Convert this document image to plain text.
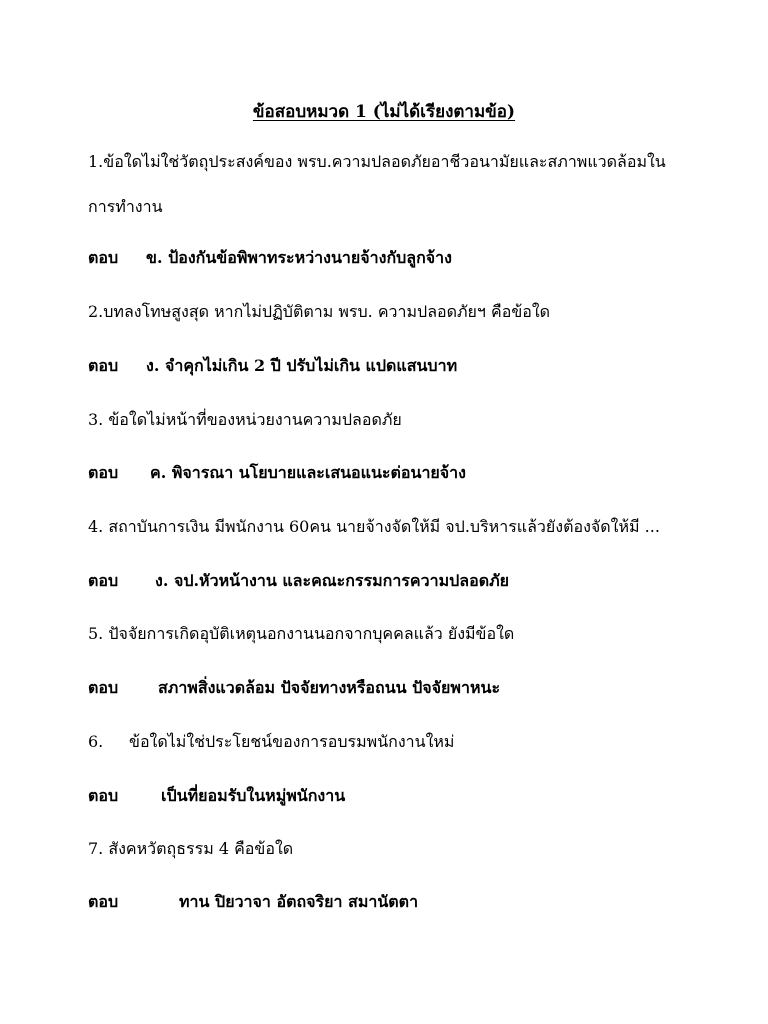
ข้อสอบหมวด 1 (ไม่ได้เรียงตามข้อ)
1.ข้อใดไม่ใช่วัตถุประสงค์ของ พรบ.ความปลอดภัยอาชีวอนามัยและสภาพแวดล้อมใน
การทำงาน
ตอบ ข. ป้องกันข้อพิพาทระหว่างนายจ้างกับลูกจ้าง
2.บทลงโทษสูงสุด หากไม่ปฏิบัติตาม พรบ. ความปลอดภัยฯ คือข้อใด
ตอบ ง. จำคุกไม่เกิน 2 ปี ปรับไม่เกิน แปดแสนบาท
3. ข้อใดไม่หน้าที่ของหน่วยงานความปลอดภัย
ตอบ ค. พิจารณา นโยบายและเสนอแนะต่อนายจ้าง
4. สถาบันการเงิน มีพนักงาน 60คน นายจ้างจัดให้มี จป.บริหารแล้วยังต้องจัดให้มี ...
ตอบ ง. จป.หัวหน้างาน และคณะกรรมการความปลอดภัย
5. ปัจจัยการเกิดอุบัติเหตุนอกงานนอกจากบุคคลแล้ว ยังมีข้อใด
ตอบ สภาพสิ่งแวดล้อม ปัจจัยทางหรือถนน ปัจจัยพาหนะ
6. ข้อใดไม่ใช่ประโยชน์ของการอบรมพนักงานใหม่
ตอบ	เป็นที่ยอมรับในหมู่พนักงาน
7. สังคหวัตถุธรรม 4 คือข้อใด
ตอบ	ทาน ปิยวาจา อัตถจริยา สมานัตตา
